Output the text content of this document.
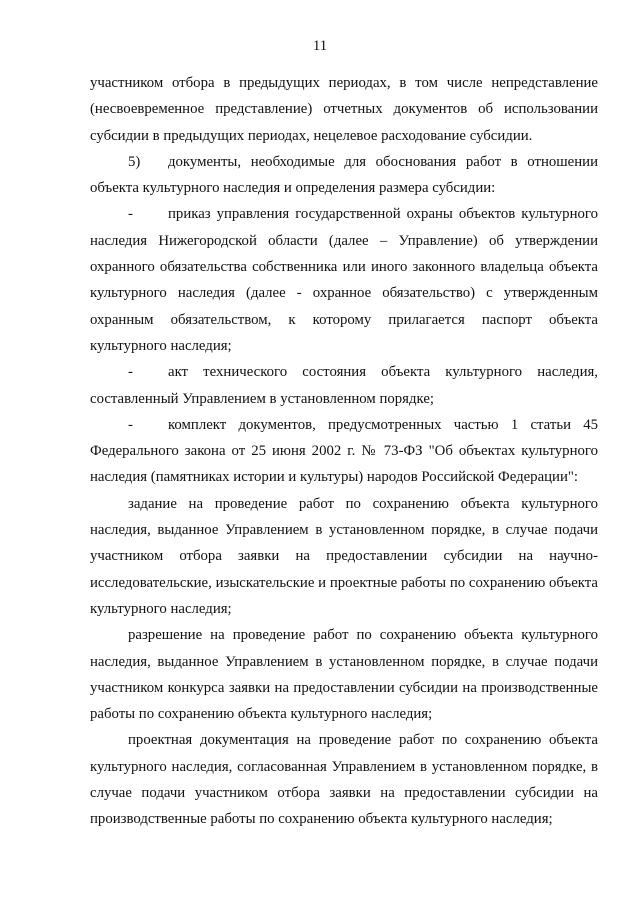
11

участником отбора в предыдущих периодах, в том числе непредставление (несвоевременное представление) отчетных документов об использовании субсидии в предыдущих периодах, нецелевое расходование субсидии.

5) документы, необходимые для обоснования работ в отношении объекта культурного наследия и определения размера субсидии:

- приказ управления государственной охраны объектов культурного наследия Нижегородской области (далее – Управление) об утверждении охранного обязательства собственника или иного законного владельца объекта культурного наследия (далее - охранное обязательство) с утвержденным охранным обязательством, к которому прилагается паспорт объекта культурного наследия;

- акт технического состояния объекта культурного наследия, составленный Управлением в установленном порядке;

- комплект документов, предусмотренных частью 1 статьи 45 Федерального закона от 25 июня 2002 г. № 73-ФЗ "Об объектах культурного наследия (памятниках истории и культуры) народов Российской Федерации":

задание на проведение работ по сохранению объекта культурного наследия, выданное Управлением в установленном порядке, в случае подачи участником отбора заявки на предоставлении субсидии на научно-исследовательские, изыскательские и проектные работы по сохранению объекта культурного наследия;

разрешение на проведение работ по сохранению объекта культурного наследия, выданное Управлением в установленном порядке, в случае подачи участником конкурса заявки на предоставлении субсидии на производственные работы по сохранению объекта культурного наследия;

проектная документация на проведение работ по сохранению объекта культурного наследия, согласованная Управлением в установленном порядке, в случае подачи участником отбора заявки на предоставлении субсидии на производственные работы по сохранению объекта культурного наследия;
